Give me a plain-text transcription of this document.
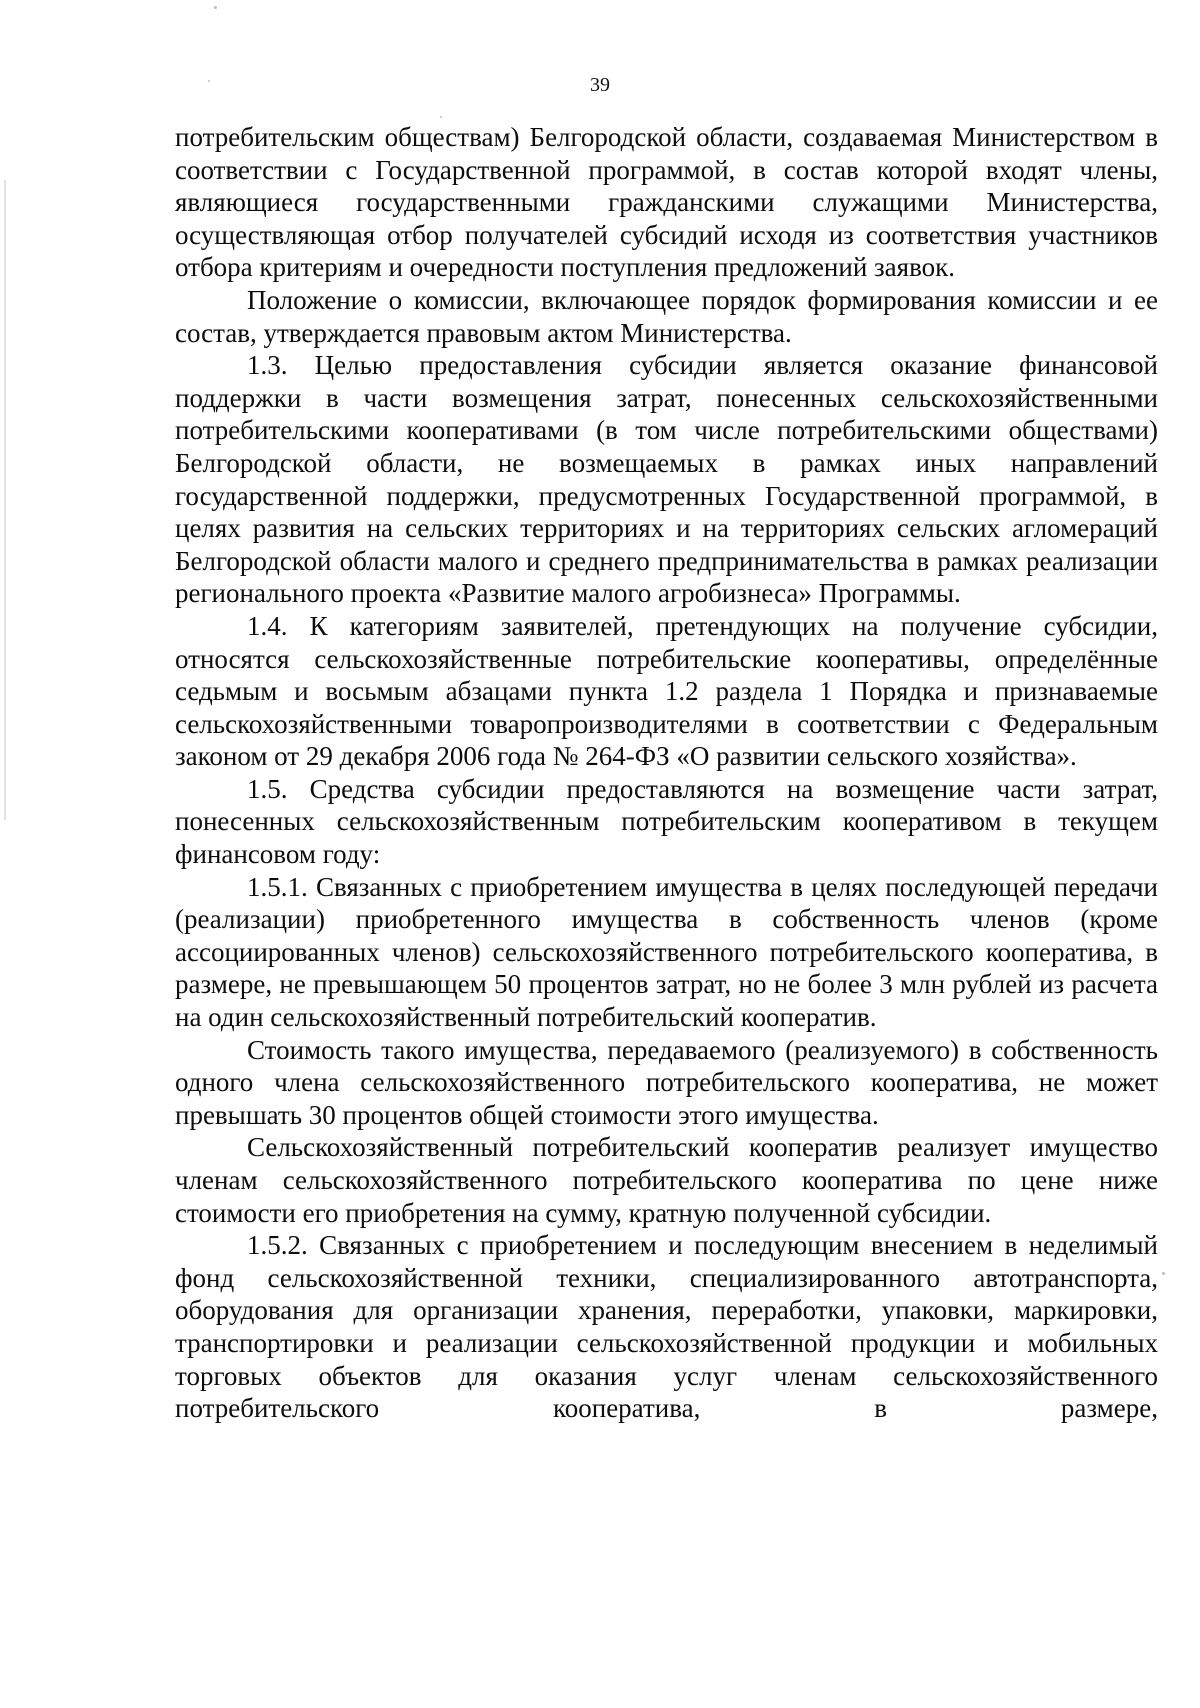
39

потребительским обществам) Белгородской области, создаваемая Министерством в соответствии с Государственной программой, в состав которой входят члены, являющиеся государственными гражданскими служащими Министерства, осуществляющая отбор получателей субсидий исходя из соответствия участников отбора критериям и очередности поступления предложений заявок.

Положение о комиссии, включающее порядок формирования комиссии и ее состав, утверждается правовым актом Министерства.

1.3. Целью предоставления субсидии является оказание финансовой поддержки в части возмещения затрат, понесенных сельскохозяйственными потребительскими кооперативами (в том числе потребительскими обществами) Белгородской области, не возмещаемых в рамках иных направлений государственной поддержки, предусмотренных Государственной программой, в целях развития на сельских территориях и на территориях сельских агломераций Белгородской области малого и среднего предпринимательства в рамках реализации регионального проекта «Развитие малого агробизнеса» Программы.

1.4. К категориям заявителей, претендующих на получение субсидии, относятся сельскохозяйственные потребительские кооперативы, определённые седьмым и восьмым абзацами пункта 1.2 раздела 1 Порядка и признаваемые сельскохозяйственными товаропроизводителями в соответствии с Федеральным законом от 29 декабря 2006 года № 264-ФЗ «О развитии сельского хозяйства».

1.5. Средства субсидии предоставляются на возмещение части затрат, понесенных сельскохозяйственным потребительским кооперативом в текущем финансовом году:

1.5.1. Связанных с приобретением имущества в целях последующей передачи (реализации) приобретенного имущества в собственность членов (кроме ассоциированных членов) сельскохозяйственного потребительского кооператива, в размере, не превышающем 50 процентов затрат, но не более 3 млн рублей из расчета на один сельскохозяйственный потребительский кооператив.

Стоимость такого имущества, передаваемого (реализуемого) в собственность одного члена сельскохозяйственного потребительского кооператива, не может превышать 30 процентов общей стоимости этого имущества.

Сельскохозяйственный потребительский кооператив реализует имущество членам сельскохозяйственного потребительского кооператива по цене ниже стоимости его приобретения на сумму, кратную полученной субсидии.

1.5.2. Связанных с приобретением и последующим внесением в неделимый фонд сельскохозяйственной техники, специализированного автотранспорта, оборудования для организации хранения, переработки, упаковки, маркировки, транспортировки и реализации сельскохозяйственной продукции и мобильных торговых объектов для оказания услуг членам сельскохозяйственного потребительского кооператива, в размере,
